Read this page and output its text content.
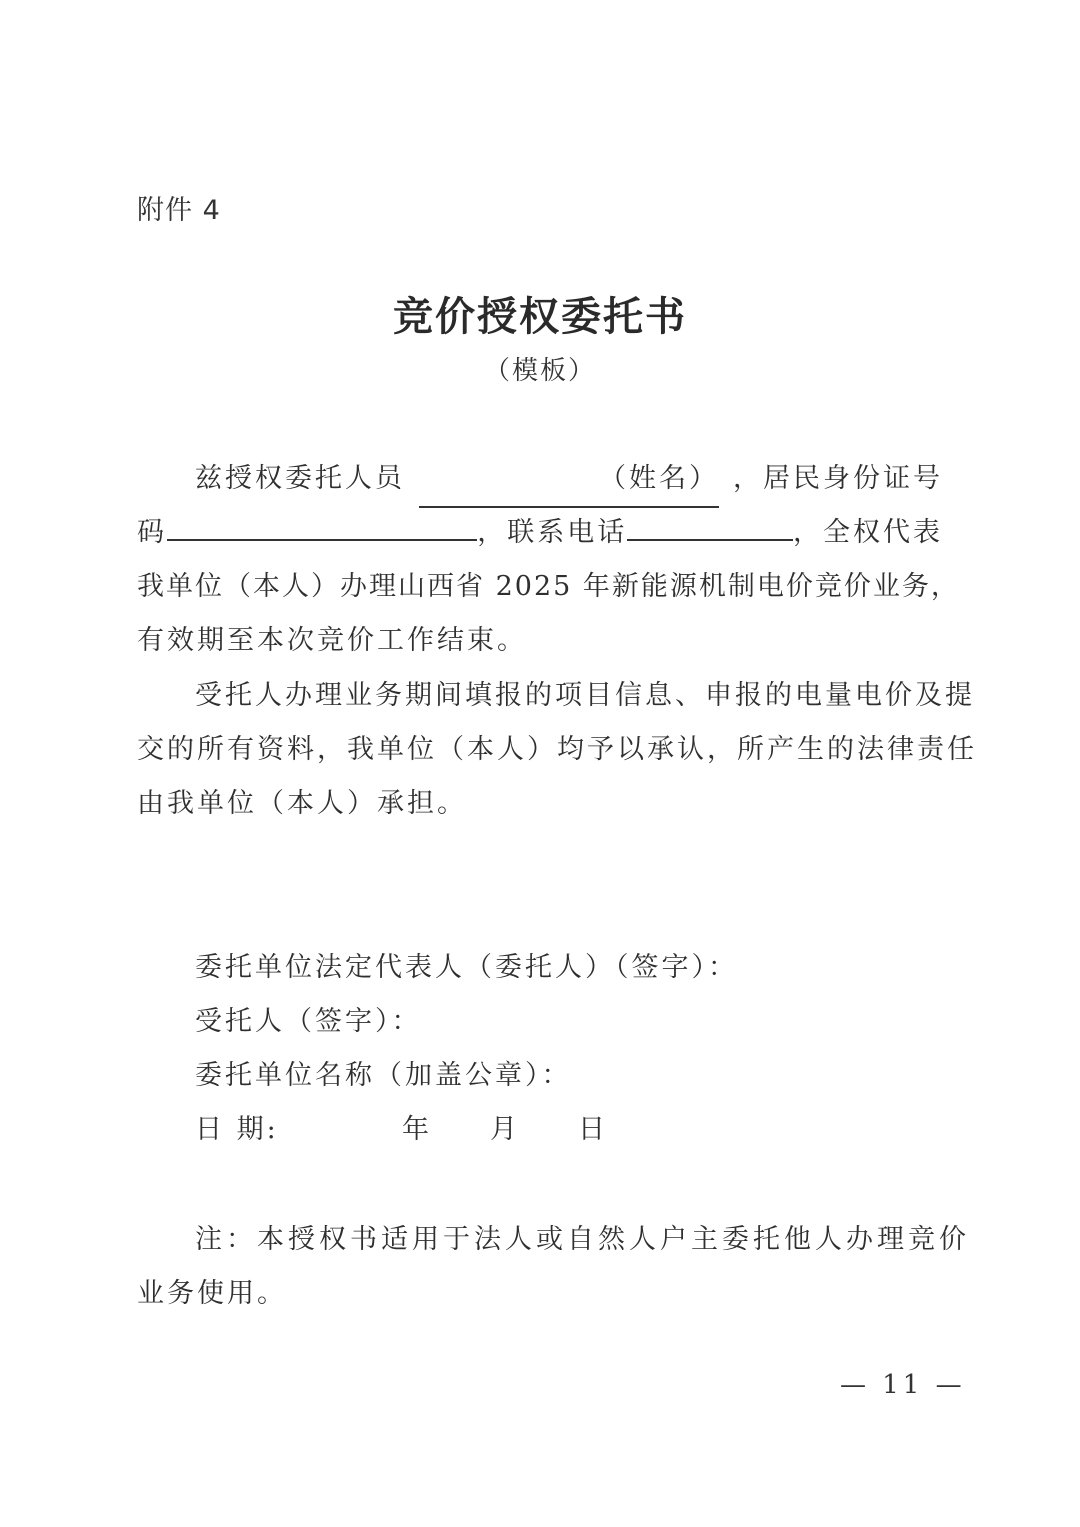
附件 4
竞价授权委托书
（模板）
兹授权委托人员	（姓名） ，居民身份证号
码	，联系电话	，全权代表
我单位（本人）办理山西省 2025 年新能源机制电价竞价业务，
有效期至本次竞价工作结束。
受托人办理业务期间填报的项目信息、申报的电量电价及提
交的所有资料，我单位（本人）均予以承认，所产生的法律责任
由我单位（本人）承担。
委托单位法定代表人（委托人）（签字）：
受托人（签字）：
委托单位名称（加盖公章）：
日 期:	年 月 日
注：本授权书适用于法人或自然人户主委托他人办理竞价
业务使用。
— 11 —
